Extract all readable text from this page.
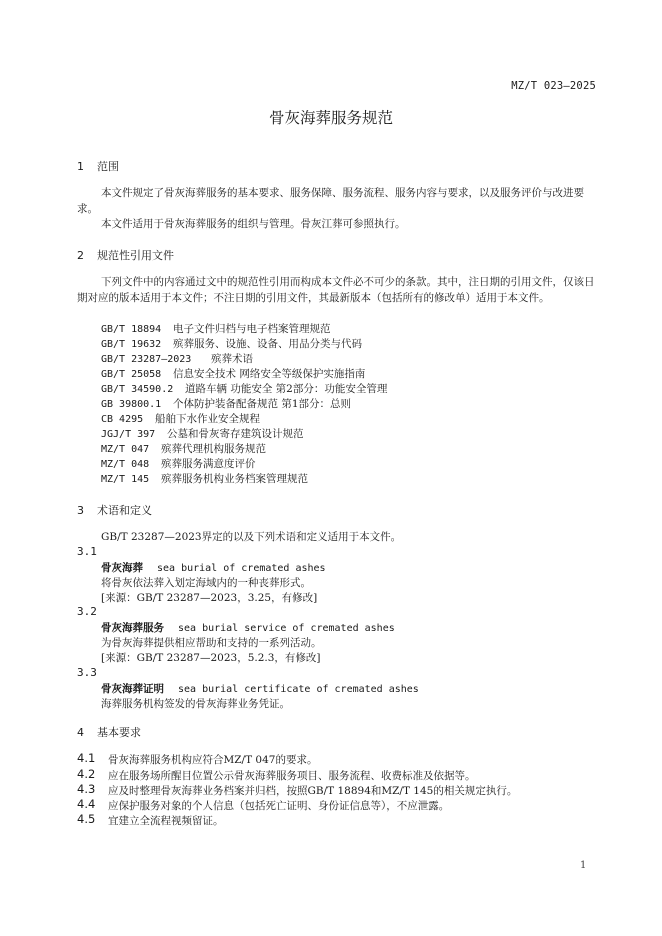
MZ/T 023—2025
骨灰海葬服务规范
1 范围
本文件规定了骨灰海葬服务的基本要求、服务保障、服务流程、服务内容与要求，以及服务评价与改进要求。
本文件适用于骨灰海葬服务的组织与管理。骨灰江葬可参照执行。
2 规范性引用文件
下列文件中的内容通过文中的规范性引用而构成本文件必不可少的条款。其中，注日期的引用文件，仅该日期对应的版本适用于本文件；不注日期的引用文件，其最新版本（包括所有的修改单）适用于本文件。
GB/T 18894 电子文件归档与电子档案管理规范
GB/T 19632 殡葬服务、设施、设备、用品分类与代码
GB/T 23287—2023 殡葬术语
GB/T 25058 信息安全技术 网络安全等级保护实施指南
GB/T 34590.2 道路车辆 功能安全 第2部分：功能安全管理
GB 39800.1 个体防护装备配备规范 第1部分：总则
CB 4295 船舶下水作业安全规程
JGJ/T 397 公墓和骨灰寄存建筑设计规范
MZ/T 047 殡葬代理机构服务规范
MZ/T 048 殡葬服务满意度评价
MZ/T 145 殡葬服务机构业务档案管理规范
3 术语和定义
GB/T 23287—2023界定的以及下列术语和定义适用于本文件。
3.1
骨灰海葬 sea burial of cremated ashes
将骨灰依法葬入划定海域内的一种丧葬形式。
[来源：GB/T 23287—2023，3.25，有修改]
3.2
骨灰海葬服务 sea burial service of cremated ashes
为骨灰海葬提供相应帮助和支持的一系列活动。
[来源：GB/T 23287—2023，5.2.3，有修改]
3.3
骨灰海葬证明 sea burial certificate of cremated ashes
海葬服务机构签发的骨灰海葬业务凭证。
4 基本要求
4.1 骨灰海葬服务机构应符合MZ/T 047的要求。
4.2 应在服务场所醒目位置公示骨灰海葬服务项目、服务流程、收费标准及依据等。
4.3 应及时整理骨灰海葬业务档案并归档，按照GB/T 18894和MZ/T 145的相关规定执行。
4.4 应保护服务对象的个人信息（包括死亡证明、身份证信息等），不应泄露。
4.5 宜建立全流程视频留证。
1
